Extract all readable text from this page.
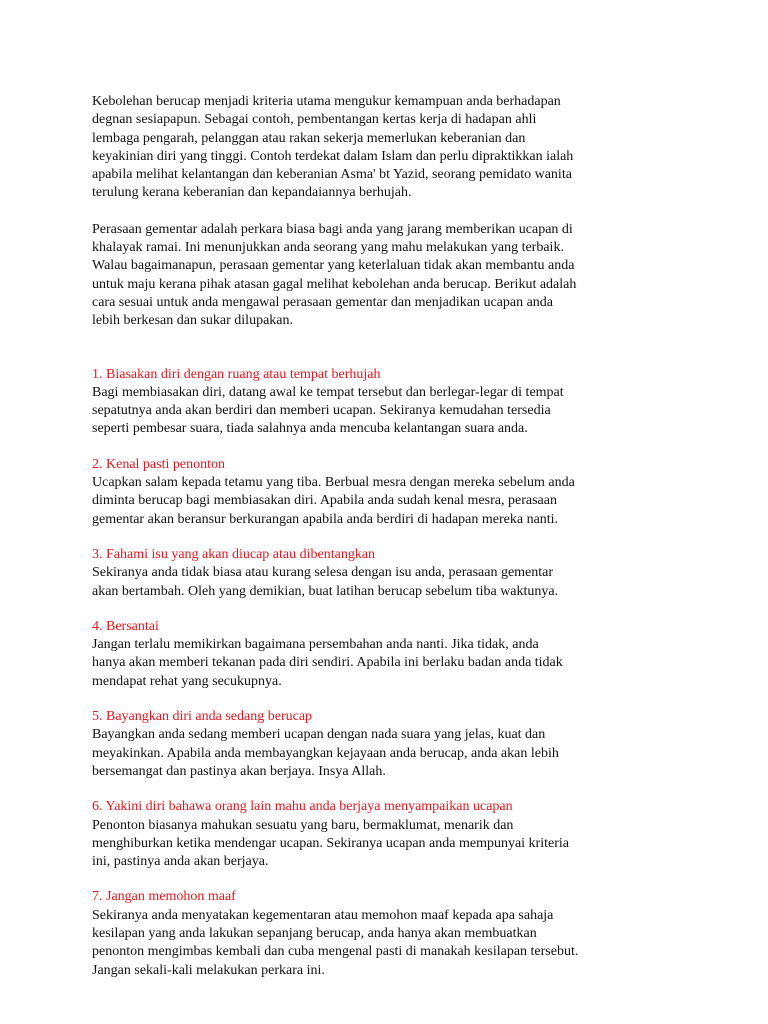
Kebolehan berucap menjadi kriteria utama mengukur kemampuan anda berhadapan
degnan sesiapapun. Sebagai contoh, pembentangan kertas kerja di hadapan ahli
lembaga pengarah, pelanggan atau rakan sekerja memerlukan keberanian dan
keyakinian diri yang tinggi. Contoh terdekat dalam Islam dan perlu dipraktikkan ialah
apabila melihat kelantangan dan keberanian Asma' bt Yazid, seorang pemidato wanita
terulung kerana keberanian dan kepandaiannya berhujah.

Perasaan gementar adalah perkara biasa bagi anda yang jarang memberikan ucapan di
khalayak ramai. Ini menunjukkan anda seorang yang mahu melakukan yang terbaik.
Walau bagaimanapun, perasaan gementar yang keterlaluan tidak akan membantu anda
untuk maju kerana pihak atasan gagal melihat kebolehan anda berucap. Berikut adalah
cara sesuai untuk anda mengawal perasaan gementar dan menjadikan ucapan anda
lebih berkesan dan sukar dilupakan.

1. Biasakan diri dengan ruang atau tempat berhujah

Bagi membiasakan diri, datang awal ke tempat tersebut dan berlegar-legar di tempat
sepatutnya anda akan berdiri dan memberi ucapan. Sekiranya kemudahan tersedia
seperti pembesar suara, tiada salahnya anda mencuba kelantangan suara anda.

2. Kenal pasti penonton

Ucapkan salam kepada tetamu yang tiba. Berbual mesra dengan mereka sebelum anda
diminta berucap bagi membiasakan diri. Apabila anda sudah kenal mesra, perasaan
gementar akan beransur berkurangan apabila anda berdiri di hadapan mereka nanti.

3. Fahami isu yang akan diucap atau dibentangkan

Sekiranya anda tidak biasa atau kurang selesa dengan isu anda, perasaan gementar
akan bertambah. Oleh yang demikian, buat latihan berucap sebelum tiba waktunya.

4. Bersantai

Jangan terlalu memikirkan bagaimana persembahan anda nanti. Jika tidak, anda
hanya akan memberi tekanan pada diri sendiri. Apabila ini berlaku badan anda tidak
mendapat rehat yang secukupnya.

5. Bayangkan diri anda sedang berucap

Bayangkan anda sedang memberi ucapan dengan nada suara yang jelas, kuat dan
meyakinkan. Apabila anda membayangkan kejayaan anda berucap, anda akan lebih
bersemangat dan pastinya akan berjaya. Insya Allah.

6. Yakini diri bahawa orang lain mahu anda berjaya menyampaikan ucapan

Penonton biasanya mahukan sesuatu yang baru, bermaklumat, menarik dan
menghiburkan ketika mendengar ucapan. Sekiranya ucapan anda mempunyai kriteria
ini, pastinya anda akan berjaya.

7. Jangan memohon maaf

Sekiranya anda menyatakan kegementaran atau memohon maaf kepada apa sahaja
kesilapan yang anda lakukan sepanjang berucap, anda hanya akan membuatkan
penonton mengimbas kembali dan cuba mengenal pasti di manakah kesilapan tersebut.
Jangan sekali-kali melakukan perkara ini.
